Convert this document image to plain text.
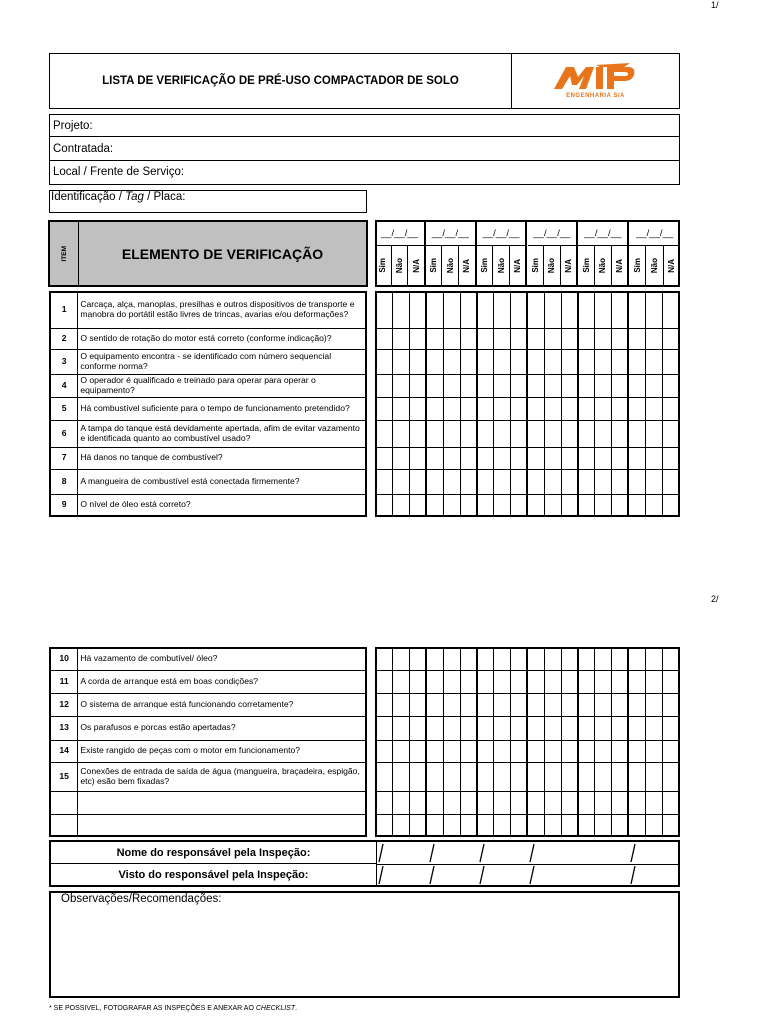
1/
2/
LISTA DE VERIFICAÇÃO DE PRÉ-USO COMPACTADOR DE SOLO
ENGENHARIA S/A
Projeto:
Contratada:
Local / Frente de Serviço:
Identificação / Tag / Placa:
ITEM	ELEMENTO DE VERIFICAÇÃO
__/__/__
Sim Não N/A
__/__/__
Sim Não N/A
__/__/__
Sim Não N/A
__/__/__
Sim Não N/A
__/__/__
Sim Não N/A
__/__/__
Sim Não N/A
1	Carcaça, alça, manoplas, presilhas e outros dispositivos de transporte e manobra do portátil estão livres de trincas, avarias e/ou deformações?
2	O sentido de rotação do motor está correto (conforme indicação)?
3	O equipamento encontra - se identificado com número sequencial conforme norma?
4	O operador é qualificado e treinado para operar para operar o equipamento?
5	Há combustível suficiente para o tempo de funcionamento pretendido?
6	A tampa do tanque está devidamente apertada, afim de evitar vazamento e identificada quanto ao combustível usado?
7	Há danos no tanque de combustível?
8	A mangueira de combustível está conectada firmemente?
9	O nível de óleo está correto?

10	Há vazamento de combutível/ óleo?
11	A corda de arranque está em boas condições?
12	O sistema de arranque está funcionando corretamente?
13	Os parafusos e porcas estão apertadas?
14	Existe rangido de peças com o motor em funcionamento?
15	Conexões de entrada de saída de água (mangueira, braçadeira, espigão, etc) esão bem fixadas?

Nome do responsável pela Inspeção:
Visto do responsável pela Inspeção:
Observações/Recomendações:
* SE POSSIVEL, FOTOGRAFAR AS INSPEÇÕES E ANEXAR AO CHECKLIST.
